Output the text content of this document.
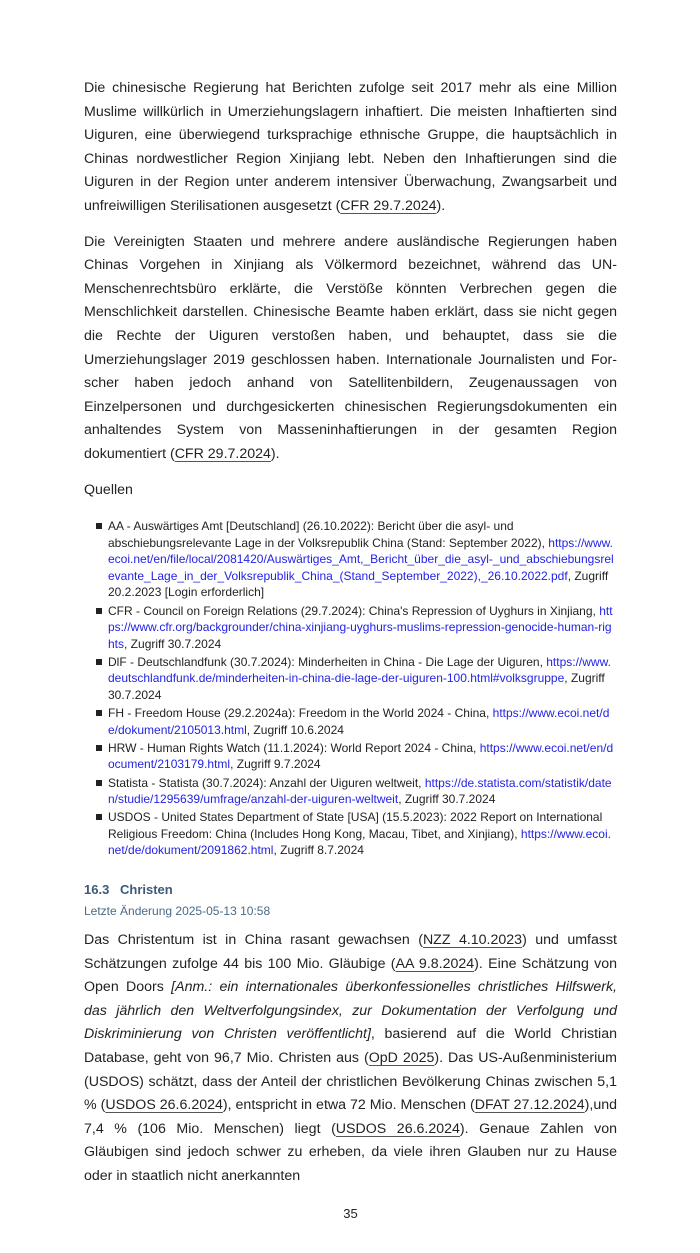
Die chinesische Regierung hat Berichten zufolge seit 2017 mehr als eine Million Muslime willkürlich in Umerziehungslagern inhaftiert. Die meisten Inhaftierten sind Uiguren, eine überwiegend turksprachige ethnische Gruppe, die hauptsächlich in Chinas nordwestlicher Region Xinjiang lebt. Neben den Inhaftierungen sind die Uiguren in der Region unter anderem intensiver Überwachung, Zwangsarbeit und unfreiwilligen Sterilisationen ausgesetzt (CFR 29.7.2024).
Die Vereinigten Staaten und mehrere andere ausländische Regierungen haben Chinas Vorgehen in Xinjiang als Völkermord bezeichnet, während das UN-Menschenrechtsbüro erklärte, die Verstöße könnten Verbrechen gegen die Menschlichkeit darstellen. Chinesische Beamte haben erklärt, dass sie nicht gegen die Rechte der Uiguren verstoßen haben, und behauptet, dass sie die Umerziehungslager 2019 geschlossen haben. Internationale Journalisten und Forscher haben jedoch anhand von Satellitenbildern, Zeugenaussagen von Einzelpersonen und durchgesickerten chinesischen Regierungsdokumenten ein anhaltendes System von Masseninhaftierungen in der gesamten Region dokumentiert (CFR 29.7.2024).
Quellen
AA - Auswärtiges Amt [Deutschland] (26.10.2022): Bericht über die asyl- und abschiebungsrelevante Lage in der Volksrepublik China (Stand: September 2022), https://www.ecoi.net/en/file/local/2081420/Auswärtiges_Amt,_Bericht_über_die_asyl-_und_abschiebungsrelevante_Lage_in_der_Volksrepublik_China_(Stand_September_2022),_26.10.2022.pdf, Zugriff 20.2.2023 [Login erforderlich]
CFR - Council on Foreign Relations (29.7.2024): China's Repression of Uyghurs in Xinjiang, https://www.cfr.org/backgrounder/china-xinjiang-uyghurs-muslims-repression-genocide-human-rights, Zugriff 30.7.2024
DlF - Deutschlandfunk (30.7.2024): Minderheiten in China - Die Lage der Uiguren, https://www.deutschlandfunk.de/minderheiten-in-china-die-lage-der-uiguren-100.html#volksgruppe, Zugriff 30.7.2024
FH - Freedom House (29.2.2024a): Freedom in the World 2024 - China, https://www.ecoi.net/de/dokument/2105013.html, Zugriff 10.6.2024
HRW - Human Rights Watch (11.1.2024): World Report 2024 - China, https://www.ecoi.net/en/document/2103179.html, Zugriff 9.7.2024
Statista - Statista (30.7.2024): Anzahl der Uiguren weltweit, https://de.statista.com/statistik/daten/studie/1295639/umfrage/anzahl-der-uiguren-weltweit, Zugriff 30.7.2024
USDOS - United States Department of State [USA] (15.5.2023): 2022 Report on International Religious Freedom: China (Includes Hong Kong, Macau, Tibet, and Xinjiang), https://www.ecoi.net/de/dokument/2091862.html, Zugriff 8.7.2024
16.3 Christen
Letzte Änderung 2025-05-13 10:58
Das Christentum ist in China rasant gewachsen (NZZ 4.10.2023) und umfasst Schätzungen zufolge 44 bis 100 Mio. Gläubige (AA 9.8.2024). Eine Schätzung von Open Doors [Anm.: ein internationales überkonfessionelles christliches Hilfswerk, das jährlich den Weltverfolgungsindex, zur Dokumentation der Verfolgung und Diskriminierung von Christen veröffentlicht], basierend auf die World Christian Database, geht von 96,7 Mio. Christen aus (OpD 2025). Das US-Außenministerium (USDOS) schätzt, dass der Anteil der christlichen Bevölkerung Chinas zwischen 5,1 % (USDOS 26.6.2024), entspricht in etwa 72 Mio. Menschen (DFAT 27.12.2024),und 7,4 % (106 Mio. Menschen) liegt (USDOS 26.6.2024). Genaue Zahlen von Gläubigen sind jedoch schwer zu erheben, da viele ihren Glauben nur zu Hause oder in staatlich nicht anerkannten
35
